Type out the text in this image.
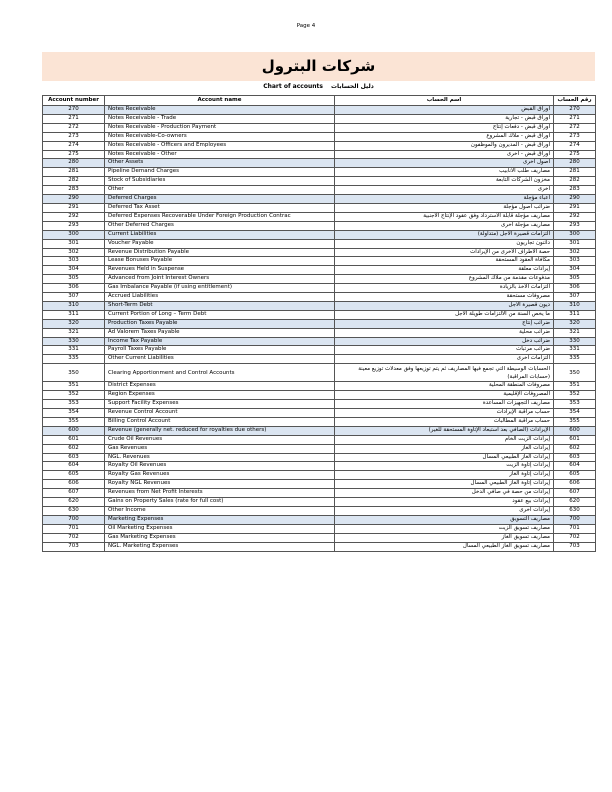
Page 4
شركات البترول
Chart of accounts دليل الحسابات
Account number	Account name	اسم الحساب	رقم الحساب
270	Notes Receivable	أوراق القبض	270
271	Notes Receivable - Trade	أوراق قبض - تجارية	271
272	Notes Receivable - Production Payment	أوراق قبض - دفعات إنتاج	272
273	Notes Receivable-Co-owners	أوراق قبض - ملاك المشروع	273
274	Notes Receivable - Officers and Employees	أوراق قبض - المديرون والموظفون	274
275	Notes Receivable - Other	أوراق قبض - أخرى	275
280	Other Assets	أصول أخرى	280
281	Pipeline Demand Charges	مصاريف طلب الأنابيب	281
282	Stock of Subsidiaries	مخزون الشركات التابعة	282
283	Other	أخرى	283
290	Deferred Charges	أعباء مؤجلة	290
291	Deferred Tax Asset	ضرائب أصول مؤجلة	291
292	Deferred Expenses Recoverable Under Foreign Production Contrac	مصاريف مؤجلة قابلة الاسترداد وفق عقود الإنتاج الأجنبية	292
293	Other Deferred Charges	مصاريف مؤجلة أخرى	293
300	Current Liabilities	التزامات قصيرة الأجل (متداولة)	300
301	Voucher Payable	دائنون تجاريون	301
302	Revenue Distribution Payable	حصة الأطراف الأخرى من الإيرادات	302
303	Lease Bonuses Payable	مكافأة العقود المستحقة	303
304	Revenues Held in Suspense	إيرادات معلقة	304
305	Advanced from Joint Interest Owners	مدفوعات مقدمة من ملاك المشروع	305
306	Gas Imbalance Payable (if using entitlement)	التزامات الأخذ بالزيادة	306
307	Accrued Liabilities	مصروفات مستحقة	307
310	Short-Term Debt	ديون قصيرة الأجل	310
311	Current Portion of Long – Term Debt	ما يخص السنة من الالتزامات طويلة الأجل	311
320	Production Taxes Payable	ضرائب إنتاج	320
321	Ad Valorem Taxes Payable	ضرائب محلية	321
330	Income Tax Payable	ضرائب دخل	330
331	Payroll Taxes Payable	ضرائب مرتبات	331
335	Other Current Liabilities	التزامات أخرى	335
350	Clearing Apportionment and Control Accounts	الحسابات الوسيطة التي تجمع فيها المصاريف ثم يتم توزيعها وفق معدلات توزيع معينة (حسابات المراقبة)	350
351	District Expenses	مصروفات المنطقة المحلية	351
352	Region Expenses	المصروفات الإقليمية	352
353	Support Facility Expenses	مصاريف التجهيزات المساعدة	353
354	Revenue Control Account	حساب مراقبة الإيرادات	354
355	Billing Control Account	حساب مراقبة المطالبات	355
600	Revenue (generally net. reduced for royalties due others)	الإيرادات (الصافي بعد استبعاد الإتاوة المستحقة للغير)	600
601	Crude Oil Revenues	إيرادات الزيت الخام	601
602	Gas Revenues	إيرادات الغاز	602
603	NGL. Revenues	إيرادات الغاز الطبيعي المسال	603
604	Royalty Oil Revenues	إيرادات إتاوة الزيت	604
605	Royalty Gas Revenues	إيرادات إتاوة الغاز	605
606	Royalty NGL Revenues	إيرادات إتاوة الغاز الطبيعي المسال	606
607	Revenues from Net Profit Interests	إيرادات من حصة في صافي الدخل	607
620	Gains on Property Sales (rate for full cost)	إيرادات بيع عقود	620
630	Other Income	إيرادات أخرى	630
700	Marketing Expenses	مصاريف التسويق	700
701	Oil Marketing Expenses	مصاريف تسويق الزيت	701
702	Gas Marketing Expenses	مصاريف تسويق الغاز	702
703	NGL. Marketing Expenses	مصاريف تسويق الغاز الطبيعي المسال	703
